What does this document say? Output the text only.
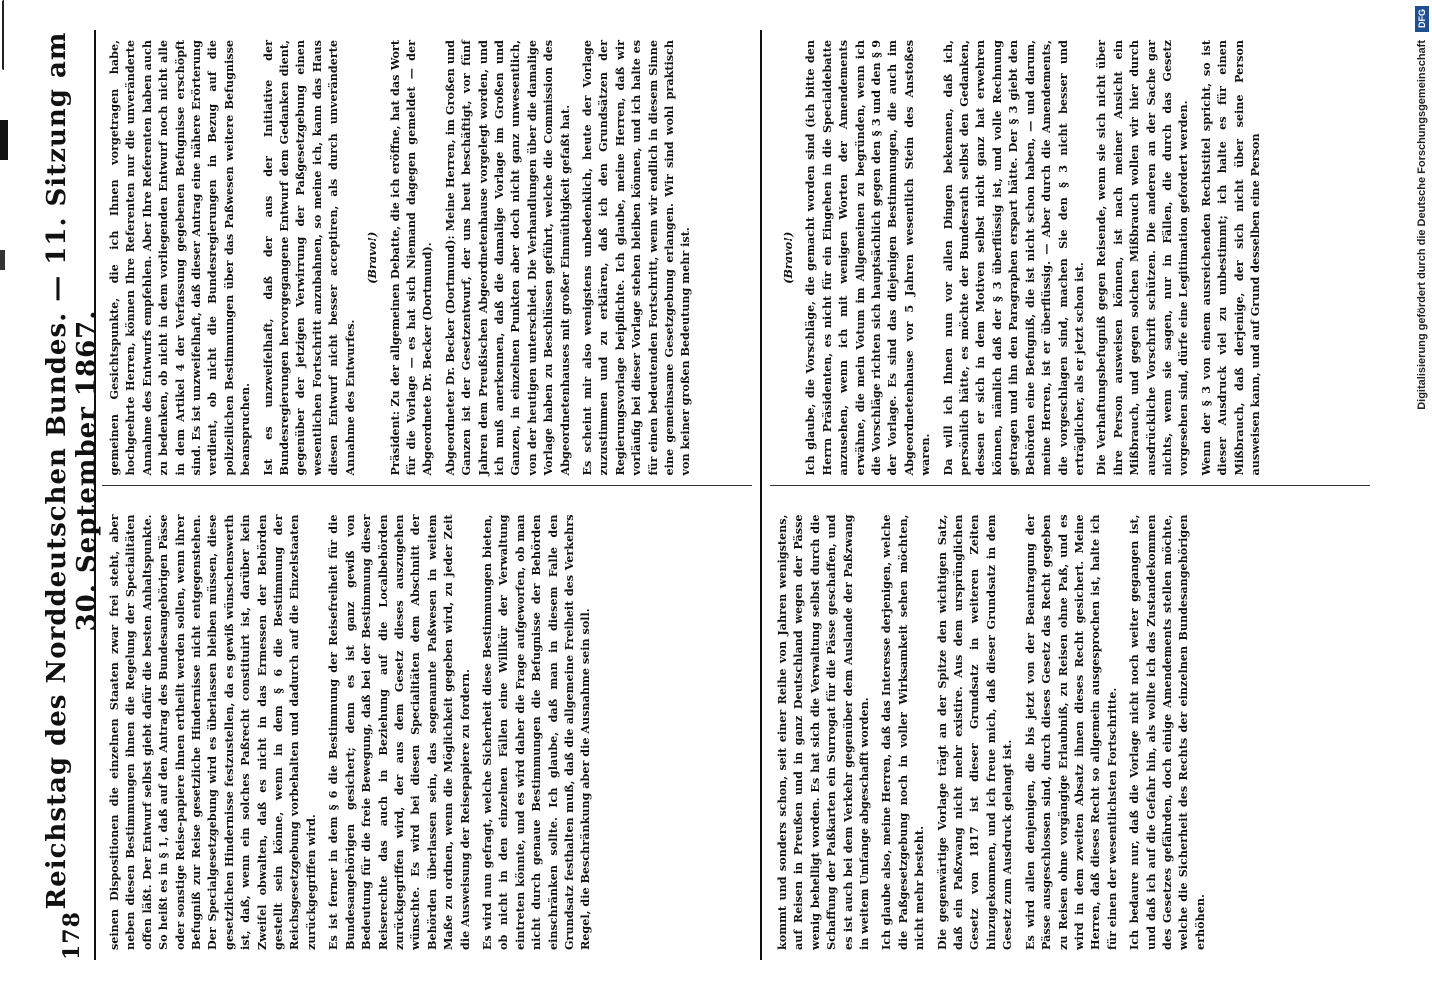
178
Reichstag des Norddeutschen Bundes. — 11. Sitzung am 30. September 1867.

seinen Dispositionen die einzelnen Staaten zwar frei steht, aber neben diesen Bestimmungen ihnen die Regelung der Specialitäten offen läßt. Der Entwurf selbst giebt dafür die besten Anhaltspunkte. So heißt es in § 1, daß auf den Antrag des Bundesangehörigen Pässe oder sonstige Reise-papiere ihnen ertheilt werden sollen, wenn ihrer Befugniß zur Reise gesetzliche Hindernisse nicht entgegenstehen. Der Specialgesetzgebung wird es überlassen bleiben müssen, diese gesetzlichen Hindernisse festzustellen, da es gewiß wünschenswerth ist, daß, wenn ein solches Paßrecht constituirt ist, darüber kein Zweifel obwalten, daß es nicht in das Ermessen der Behörden gestellt sein könne, wenn in dem § 6 die Bestimmung der Reichsgesetzgebung vorbehalten und dadurch auf die Einzelstaaten zurückgegriffen wird. Es ist ferner in dem § 6 die Bestimmung der Reisefreiheit für die Bundesangehörigen gesichert; denn es ist ganz gewiß von Bedeutung für die freie Bewegung, daß bei der Bestimmung dieser Reiserechte das auch in Beziehung auf die Localbehörden zurückgegriffen wird, der aus dem Gesetz dieses auszugehen wünschte. Es wird bei diesen Specialitäten dem Abschnitt der Behörden überlassen sein, das sogenannte Paßwesen in weitem Maße zu ordnen, wenn die Möglichkeit gegeben wird, zu jeder Zeit die Ausweisung der Reisepapiere zu fordern. Es wird nun gefragt, welche Sicherheit diese Bestimmungen bieten, ob nicht in den einzelnen Fällen eine Willkür der Verwaltung eintreten könnte, und es wird daher die Frage aufgeworfen, ob man nicht durch genaue Bestimmungen die Befugnisse der Behörden einschränken sollte. Ich glaube, daß man in diesem Falle den Grundsatz festhalten muß, daß die allgemeine Freiheit des Verkehrs Regel, die Beschränkung aber die Ausnahme sein soll.

gemeinen Gesichtspunkte, die ich Ihnen vorgetragen habe, hochgeehrte Herren, können Ihre Referenten nur die unveränderte Annahme des Entwurfs empfehlen. Aber Ihre Referenten haben auch zu bedenken, ob nicht in dem vorliegenden Entwurf noch nicht alle in dem Artikel 4 der Verfassung gegebenen Befugnisse erschöpft sind. Es ist unzweifelhaft, daß dieser Antrag eine nähere Erörterung verdient, ob nicht die Bundesregierungen in Bezug auf die polizeilichen Bestimmungen über das Paßwesen weitere Befugnisse beanspruchen. Ist es unzweifelhaft, daß der aus der Initiative der Bundesregierungen hervorgegangene Entwurf dem Gedanken dient, gegenüber der jetzigen Verwirrung der Paßgesetzgebung einen wesentlichen Fortschritt anzubahnen, so meine ich, kann das Haus diesen Entwurf nicht besser acceptiren, als durch unveränderte Annahme des Entwurfes.

(Bravo!) Präsident: Zu der allgemeinen Debatte, die ich eröffne, hat das Wort für die Vorlage — es hat sich Niemand dagegen gemeldet — der Abgeordnete Dr. Becker (Dortmund). Abgeordneter Dr. Becker (Dortmund): Meine Herren, im Großen und Ganzen ist der Gesetzentwurf, der uns heut beschäftigt, vor fünf Jahren dem Preußischen Abgeordnetenhause vorgelegt worden, und ich muß anerkennen, daß die damalige Vorlage im Großen und Ganzen, in einzelnen Punkten aber doch nicht ganz unwesentlich, von der heutigen unterschied. Die Verhandlungen über die damalige Vorlage haben zu Beschlüssen geführt, welche die Commission des Abgeordnetenhauses mit großer Einmüthigkeit gefaßt hat. Es scheint mir also wenigstens unbedenklich, heute der Vorlage zuzustimmen und zu erklären, daß ich den Grundsätzen der Regierungsvorlage beipflichte. Ich glaube, meine Herren, daß wir vorläufig bei dieser Vorlage stehen bleiben können, und ich halte es für einen bedeutenden Fortschritt, wenn wir endlich in diesem Sinne eine gemeinsame Gesetzgebung erlangen. Wir sind wohl praktisch von keiner großen Bedeutung mehr ist.

kommt und sonders schon, seit einer Reihe von Jahren wenigstens, auf Reisen in Preußen und in ganz Deutschland wegen der Pässe wenig behelligt worden. Es hat sich die Verwaltung selbst durch die Schaffung der Paßkarten ein Surrogat für die Pässe geschaffen, und es ist auch bei dem Verkehr gegenüber dem Auslande der Paßzwang in weitem Umfange abgeschafft worden. Ich glaube also, meine Herren, daß das Interesse derjenigen, welche die Paßgesetzgebung noch in voller Wirksamkeit sehen möchten, nicht mehr besteht. Die gegenwärtige Vorlage trägt an der Spitze den wichtigen Satz, daß ein Paßzwang nicht mehr existire. Aus dem ursprünglichen Gesetz von 1817 ist dieser Grundsatz in weiteren Zeiten hinzugekommen, und ich freue mich, daß dieser Grundsatz in dem Gesetz zum Ausdruck gelangt ist. Es wird allen denjenigen, die bis jetzt von der Beantragung der Pässe ausgeschlossen sind, durch dieses Gesetz das Recht gegeben zu Reisen ohne vorgängige Erlaubniß, zu Reisen ohne Paß, und es wird in dem zweiten Absatz ihnen dieses Recht gesichert. Meine Herren, daß dieses Recht so allgemein ausgesprochen ist, halte ich für einen der wesentlichsten Fortschritte. Ich bedaure nur, daß die Vorlage nicht noch weiter gegangen ist, und daß ich auf die Gefahr hin, als wollte ich das Zustandekommen des Gesetzes gefährden, doch einige Amendements stellen möchte, welche die Sicherheit des Rechts der einzelnen Bundesangehörigen erhöhen.

(Bravo!) Ich glaube, die Vorschläge, die gemacht worden sind (ich bitte den Herrn Präsidenten, es nicht für ein Eingehen in die Specialdebatte anzusehen, wenn ich mit wenigen Worten der Amendements erwähne, die mein Votum im Allgemeinen zu begründen, wenn ich die Vorschläge richten sich hauptsächlich gegen den § 3 und den § 9 der Vorlage. Es sind das diejenigen Bestimmungen, die auch im Abgeordnetenhause vor 5 Jahren wesentlich Stein des Anstoßes waren. Da will ich Ihnen nun vor allen Dingen bekennen, daß ich, persönlich hätte, es möchte der Bundesrath selbst den Gedanken, dessen er sich in dem Motiven selbst nicht ganz hat erwehren können, nämlich daß der § 3 überflüssig ist, und volle Rechnung getragen und ihn den Paragraphen erspart hätte. Der § 3 giebt den Behörden eine Befugniß, die ist nicht schon haben, — und darum, meine Herren, ist er überflüssig. — Aber durch die Amendements, die vorgeschlagen sind, machen Sie den § 3 nicht besser und erträglicher, als er jetzt schon ist. Die Verhaftungsbefugniß gegen Reisende, wenn sie sich nicht über ihre Person ausweisen können, ist nach meiner Ansicht ein Mißbrauch, und gegen solchen Mißbrauch wollen wir hier durch ausdrückliche Vorschrift schützen. Die anderen an der Sache gar nichts, wenn sie sagen, nur in Fällen, die durch das Gesetz vorgesehen sind, dürfe eine Legitimation gefordert werden. Wenn der § 3 von einem ausreichenden Rechtstitel spricht, so ist dieser Ausdruck viel zu unbestimmt; ich halte es für einen Mißbrauch, daß derjenige, der sich nicht über seine Person ausweisen kann, und auf Grund desselben eine Person

DFG
Digitalisierung gefördert durch die Deutsche Forschungsgemeinschaft
